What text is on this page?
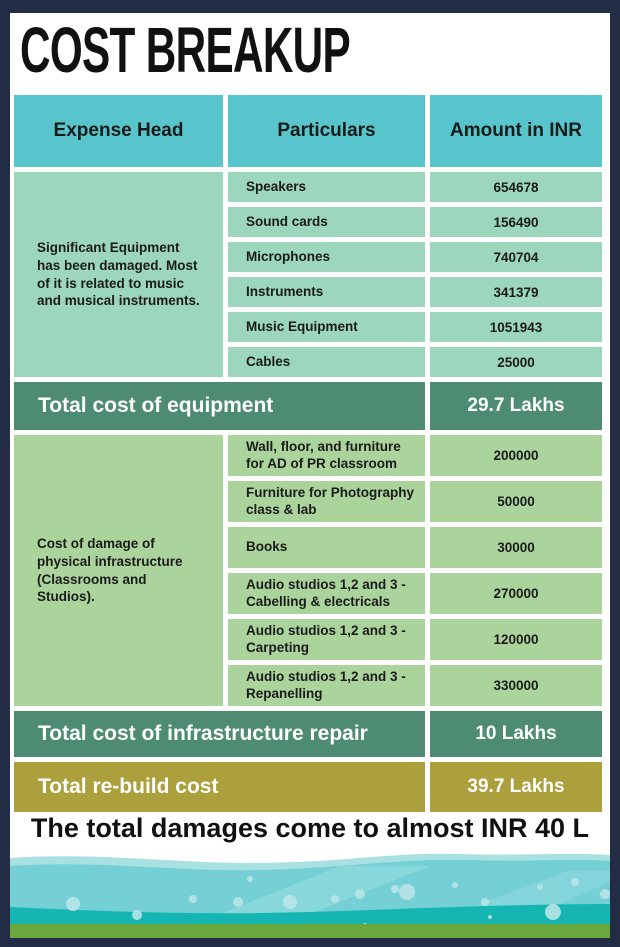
COST BREAKUP
Expense Head	Particulars	Amount in INR
Significant Equipment has been damaged. Most of it is related to music and musical instruments.
Speakers	654678
Sound cards	156490
Microphones	740704
Instruments	341379
Music Equipment	1051943
Cables	25000
Total cost of equipment	29.7 Lakhs
Cost of damage of physical infrastructure (Classrooms and Studios).
Wall, floor, and furniture for AD of PR classroom	200000
Furniture for Photography class & lab	50000
Books	30000
Audio studios 1,2 and 3 - Cabelling & electricals	270000
Audio studios 1,2 and 3 - Carpeting	120000
Audio studios 1,2 and 3 - Repanelling	330000
Total cost of infrastructure repair	10 Lakhs
Total re-build cost	39.7 Lakhs
The total damages come to almost INR 40 L
